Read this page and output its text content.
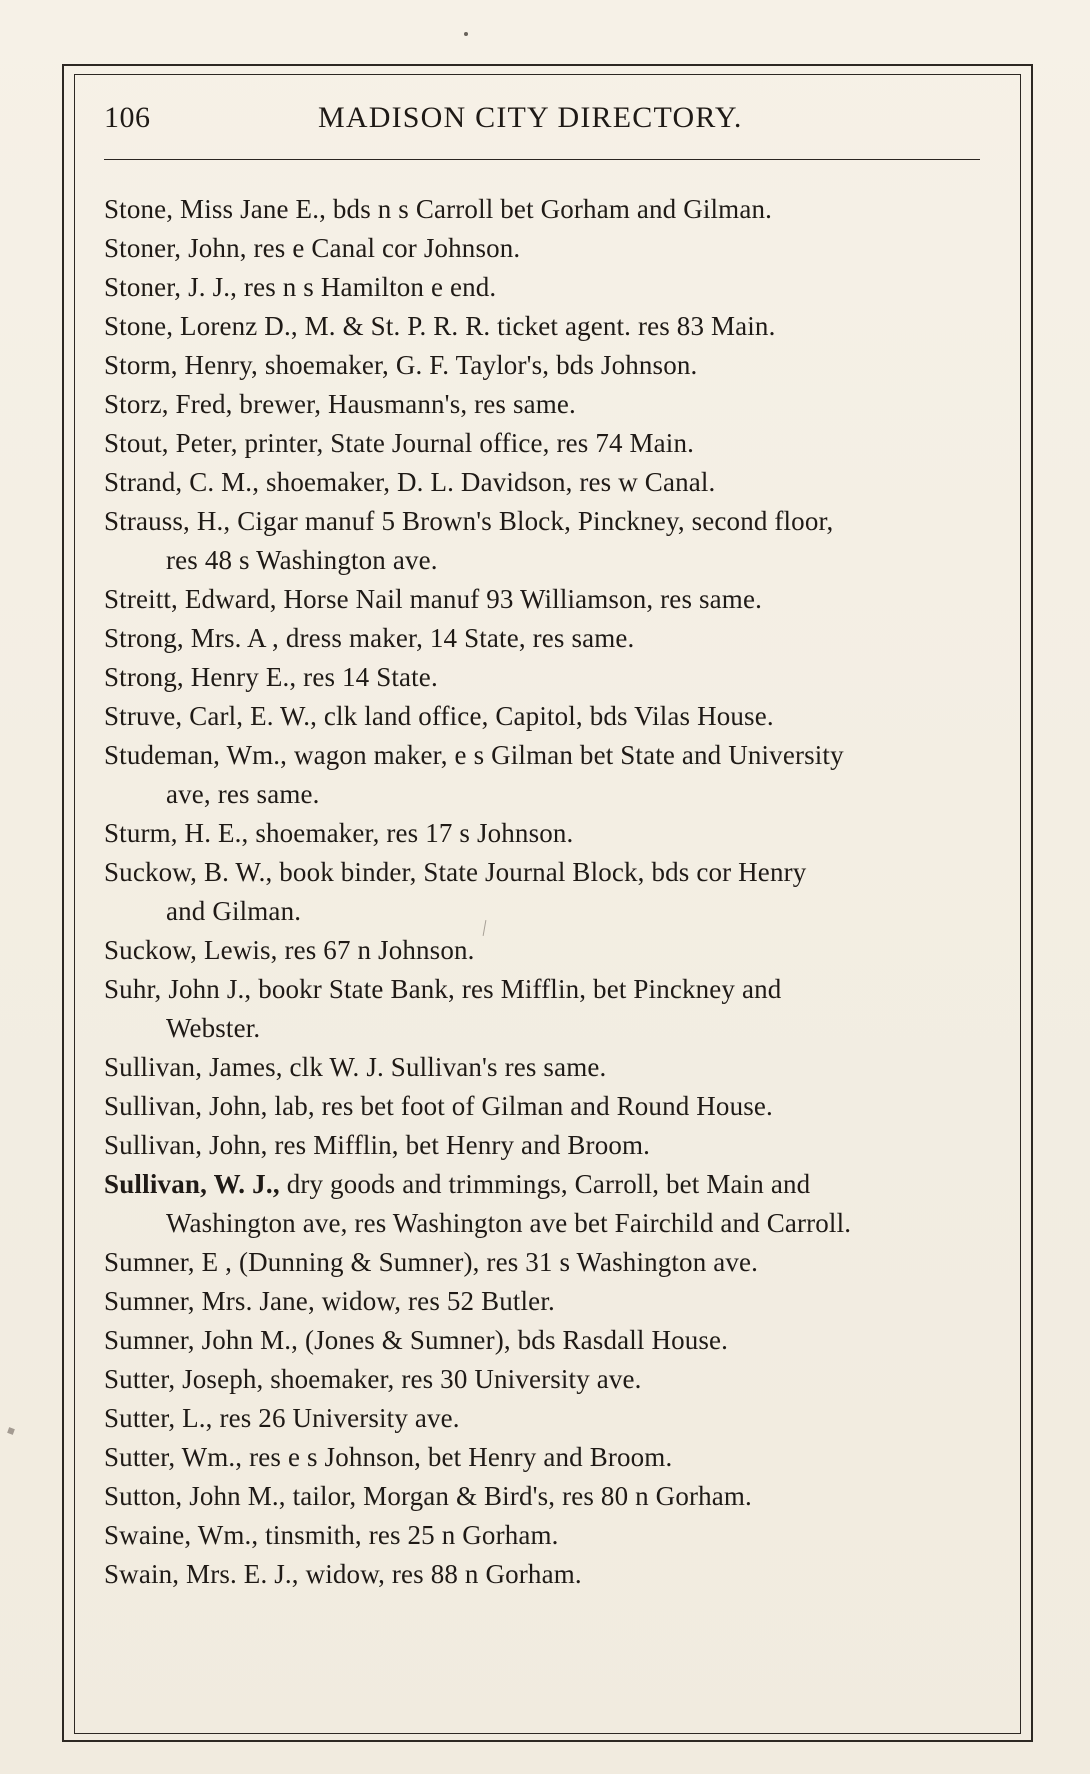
106	MADISON CITY DIRECTORY.
Stone, Miss Jane E., bds n s Carroll bet Gorham and Gilman.
Stoner, John, res e Canal cor Johnson.
Stoner, J. J., res n s Hamilton e end.
Stone, Lorenz D., M. & St. P. R. R. ticket agent. res 83 Main.
Storm, Henry, shoemaker, G. F. Taylor's, bds Johnson.
Storz, Fred, brewer, Hausmann's, res same.
Stout, Peter, printer, State Journal office, res 74 Main.
Strand, C. M., shoemaker, D. L. Davidson, res w Canal.
Strauss, H., Cigar manuf 5 Brown's Block, Pinckney, second floor,
res 48 s Washington ave.
Streitt, Edward, Horse Nail manuf 93 Williamson, res same.
Strong, Mrs. A , dress maker, 14 State, res same.
Strong, Henry E., res 14 State.
Struve, Carl, E. W., clk land office, Capitol, bds Vilas House.
Studeman, Wm., wagon maker, e s Gilman bet State and University
ave, res same.
Sturm, H. E., shoemaker, res 17 s Johnson.
Suckow, B. W., book binder, State Journal Block, bds cor Henry
and Gilman.
Suckow, Lewis, res 67 n Johnson.
Suhr, John J., bookr State Bank, res Mifflin, bet Pinckney and
Webster.
Sullivan, James, clk W. J. Sullivan's res same.
Sullivan, John, lab, res bet foot of Gilman and Round House.
Sullivan, John, res Mifflin, bet Henry and Broom.
Sullivan, W. J., dry goods and trimmings, Carroll, bet Main and
Washington ave, res Washington ave bet Fairchild and Carroll.
Sumner, E , (Dunning & Sumner), res 31 s Washington ave.
Sumner, Mrs. Jane, widow, res 52 Butler.
Sumner, John M., (Jones & Sumner), bds Rasdall House.
Sutter, Joseph, shoemaker, res 30 University ave.
Sutter, L., res 26 University ave.
Sutter, Wm., res e s Johnson, bet Henry and Broom.
Sutton, John M., tailor, Morgan & Bird's, res 80 n Gorham.
Swaine, Wm., tinsmith, res 25 n Gorham.
Swain, Mrs. E. J., widow, res 88 n Gorham.
